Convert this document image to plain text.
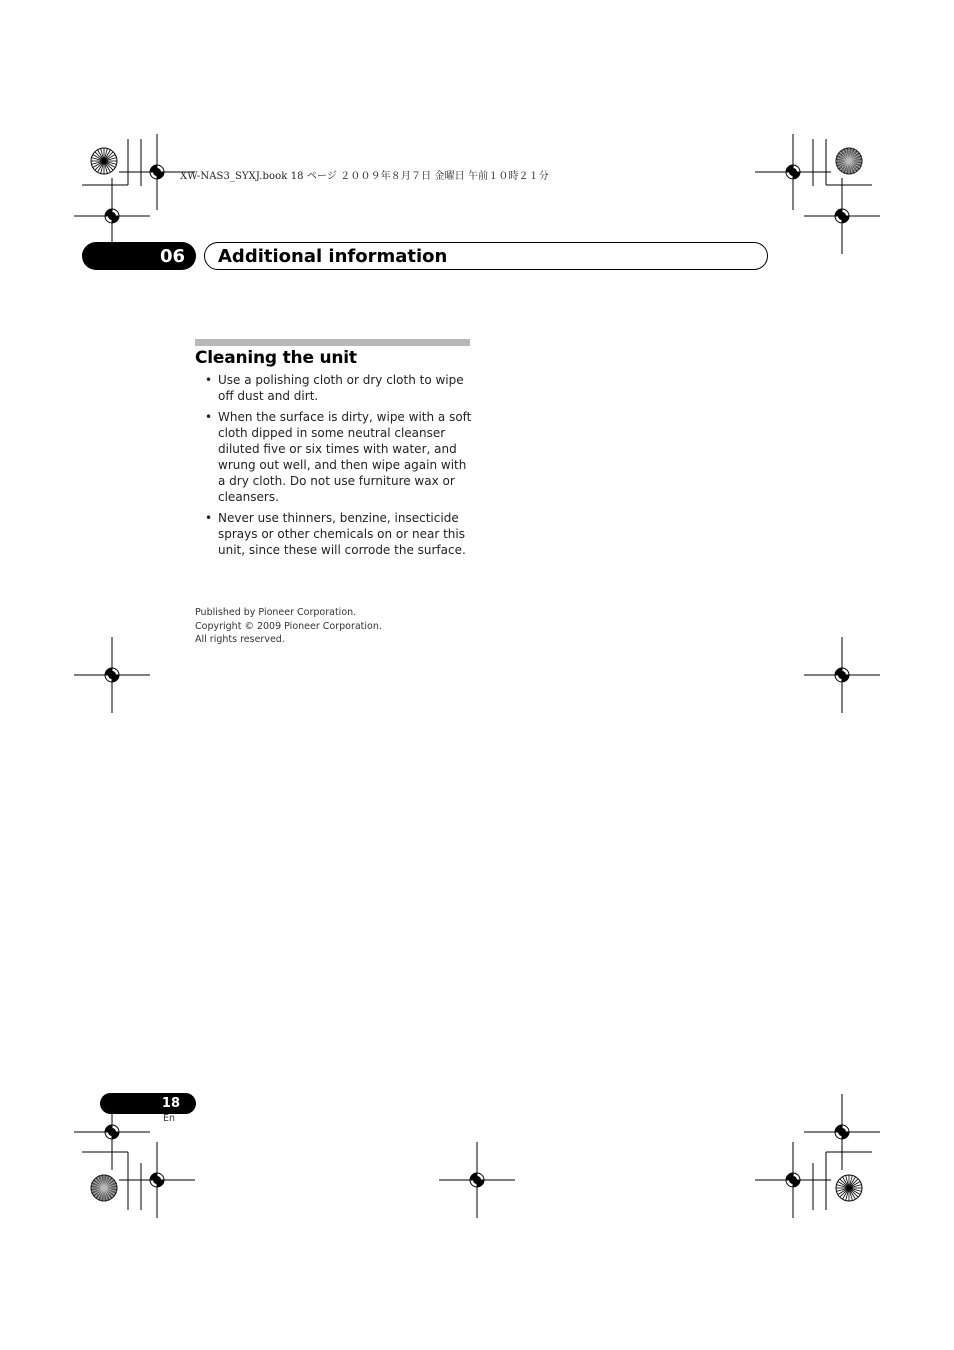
XW-NAS3_SYXJ.book 18 ページ ２００９年８月７日 金曜日 午前１０時２１分
06 Additional information
Cleaning the unit
• Use a polishing cloth or dry cloth to wipe off dust and dirt.
• When the surface is dirty, wipe with a soft cloth dipped in some neutral cleanser diluted five or six times with water, and wrung out well, and then wipe again with a dry cloth. Do not use furniture wax or cleansers.
• Never use thinners, benzine, insecticide sprays or other chemicals on or near this unit, since these will corrode the surface.
Published by Pioneer Corporation.
Copyright © 2009 Pioneer Corporation.
All rights reserved.
18
En
